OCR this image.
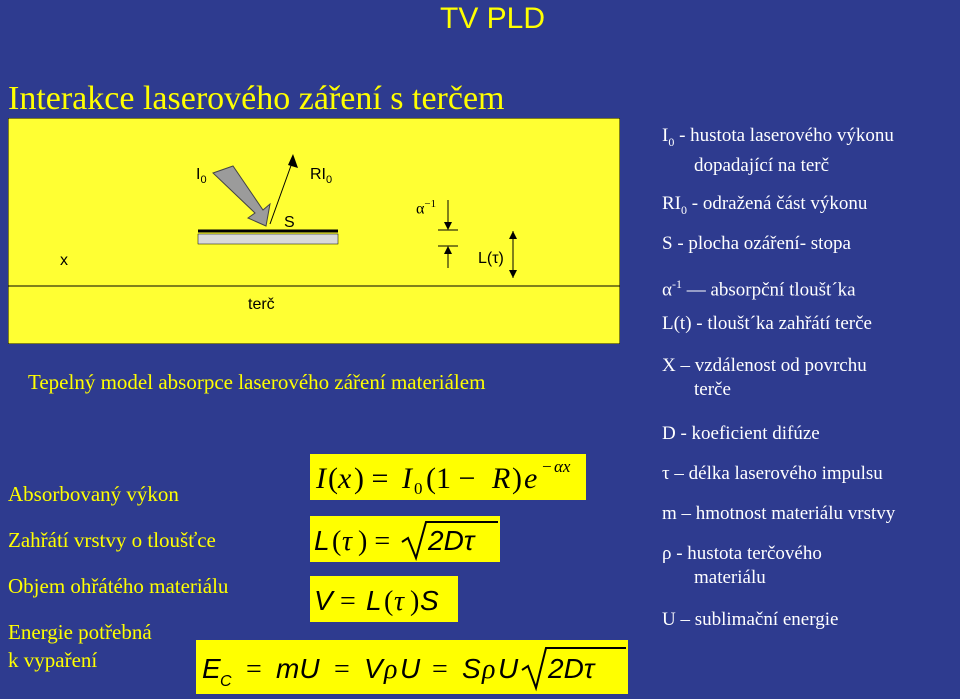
TV PLD
Interakce laserového záření s terčem
$I_0$	$RI_0$
S
$\alpha^{-1}$
x	L(τ)
terč
Tepelný model absorpce laserového záření materiálem
Absorbovaný výkon
Zahřátí vrstvy o tloušťce
Objem ohřátého materiálu
Energie potřebná
k vypaření
I ( x ) = I 0 (1 − R ) e − αx
L ( τ ) = 2Dτ
V = L ( τ ) S
E C = mU = V ρ U = S ρ U 2Dτ
$I_0$ - hustota laserového výkonu
dopadající na terč
$RI_0$ - odražená část výkonu
S - plocha ozáření- stopa
$\alpha^{-1}$ — absorpční tloušt´ka
L(t) - tloušt´ka zahřátí terče
X – vzdálenost od povrchu
terče
D - koeficient difúze
τ – délka laserového impulsu
m – hmotnost materiálu vrstvy
ρ - hustota terčového
materiálu
U – sublimační energie
